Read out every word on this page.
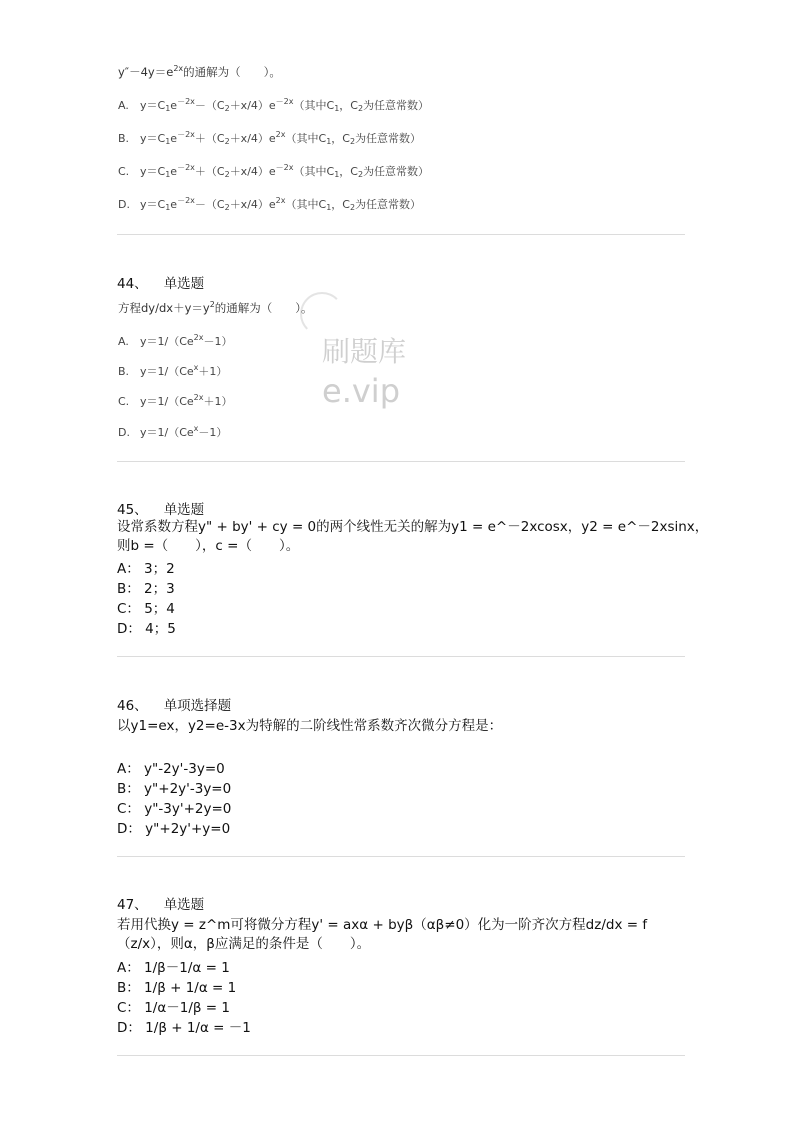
刷题库
e.vip
$y''-4y=e^{2x}$的通解为（　　）。
A. $y=C_1e^{-2x}-(C_2+x/4)e^{-2x}$（其中$C_1$，$C_2$为任意常数）
B. $y=C_1e^{-2x}+(C_2+x/4)e^{2x}$（其中$C_1$，$C_2$为任意常数）
C. $y=C_1e^{-2x}+(C_2+x/4)e^{-2x}$（其中$C_1$，$C_2$为任意常数）
D. $y=C_1e^{-2x}-(C_2+x/4)e^{2x}$（其中$C_1$，$C_2$为任意常数）
44、 单选题
方程$dy/dx+y=y^2$的通解为（　　）。
A. $y=1/(Ce^{2x}-1)$
B. $y=1/(Ce^x+1)$
C. $y=1/(Ce^{2x}+1)$
D. $y=1/(Ce^x-1)$
45、 单选题
设常系数方程y" + by' + cy = 0的两个线性无关的解为y1 = e^－2xcosx，y2 = e^－2xsinx，
则b =（　　），c =（　　）。
A： 3；2
B： 2；3
C： 5；4
D： 4；5
46、 单项选择题
以y1=ex，y2=e-3x为特解的二阶线性常系数齐次微分方程是：
A： y"-2y'-3y=0
B： y"+2y'-3y=0
C： y"-3y'+2y=0
D： y"+2y'+y=0
47、 单选题
若用代换y = z^m可将微分方程y' = axα + byβ（αβ≠0）化为一阶齐次方程dz/dx = f
（z/x），则α，β应满足的条件是（　　）。
A： 1/β－1/α = 1
B： 1/β + 1/α = 1
C： 1/α－1/β = 1
D： 1/β + 1/α = －1
